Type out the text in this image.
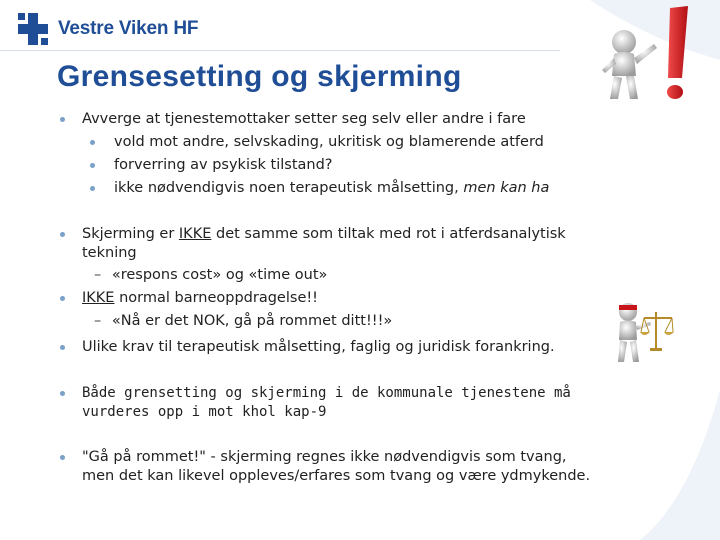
Vestre Viken HF
Grensesetting og skjerming
Avverge at tjenestemottaker setter seg selv eller andre i fare
vold mot andre, selvskading, ukritisk og blamerende atferd
forverring av psykisk tilstand?
ikke nødvendigvis noen terapeutisk målsetting, men kan ha
Skjerming er IKKE det samme som tiltak med rot i atferdsanalytisk
tekning
– «respons cost» og «time out»
IKKE normal barneoppdragelse!!
– «Nå er det NOK, gå på rommet ditt!!!»
Ulike krav til terapeutisk målsetting, faglig og juridisk forankring.
Både grensetting og skjerming i de kommunale tjenestene må
vurderes opp i mot khol kap-9
"Gå på rommet!" - skjerming regnes ikke nødvendigvis som tvang,
men det kan likevel oppleves/erfares som tvang og være ydmykende.
